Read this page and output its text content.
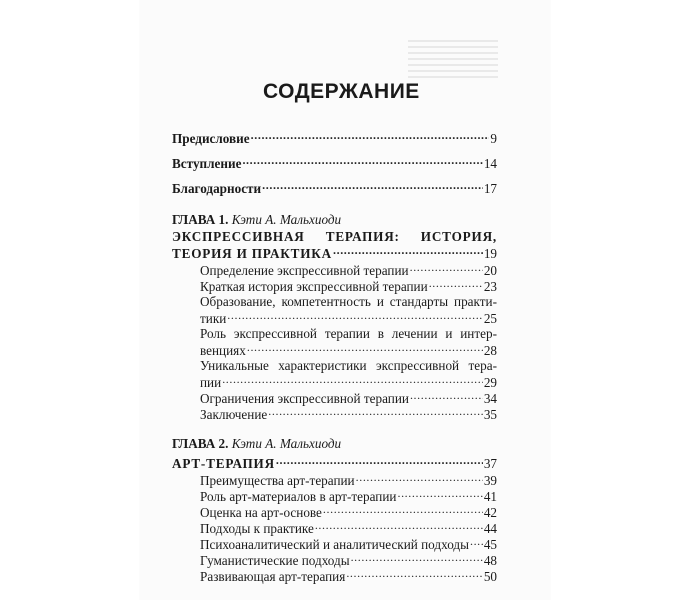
СОДЕРЖАНИЕ
Предисловие .....	9
Вступление .....	14
Благодарности .....	17
ГЛАВА 1. Кэти А. Мальхиоди
ЭКСПРЕССИВНАЯ ТЕРАПИЯ: ИСТОРИЯ,
ТЕОРИЯ И ПРАКТИКА .....	19
Определение экспрессивной терапии .....	20
Краткая история экспрессивной терапии .....	23
Образование, компетентность и стандарты практи-
тики .....	25
Роль экспрессивной терапии в лечении и интер-
венциях .....	28
Уникальные характеристики экспрессивной тера-
пии .....	29
Ограничения экспрессивной терапии .....	34
Заключение .....	35
ГЛАВА 2. Кэти А. Мальхиоди
АРТ-ТЕРАПИЯ .....	37
Преимущества арт-терапии .....	39
Роль арт-материалов в арт-терапии .....	41
Оценка на арт-основе .....	42
Подходы к практике .....	44
Психоаналитический и аналитический подходы ..... 45
Гуманистические подходы .....	48
Развивающая арт-терапия .....	50
